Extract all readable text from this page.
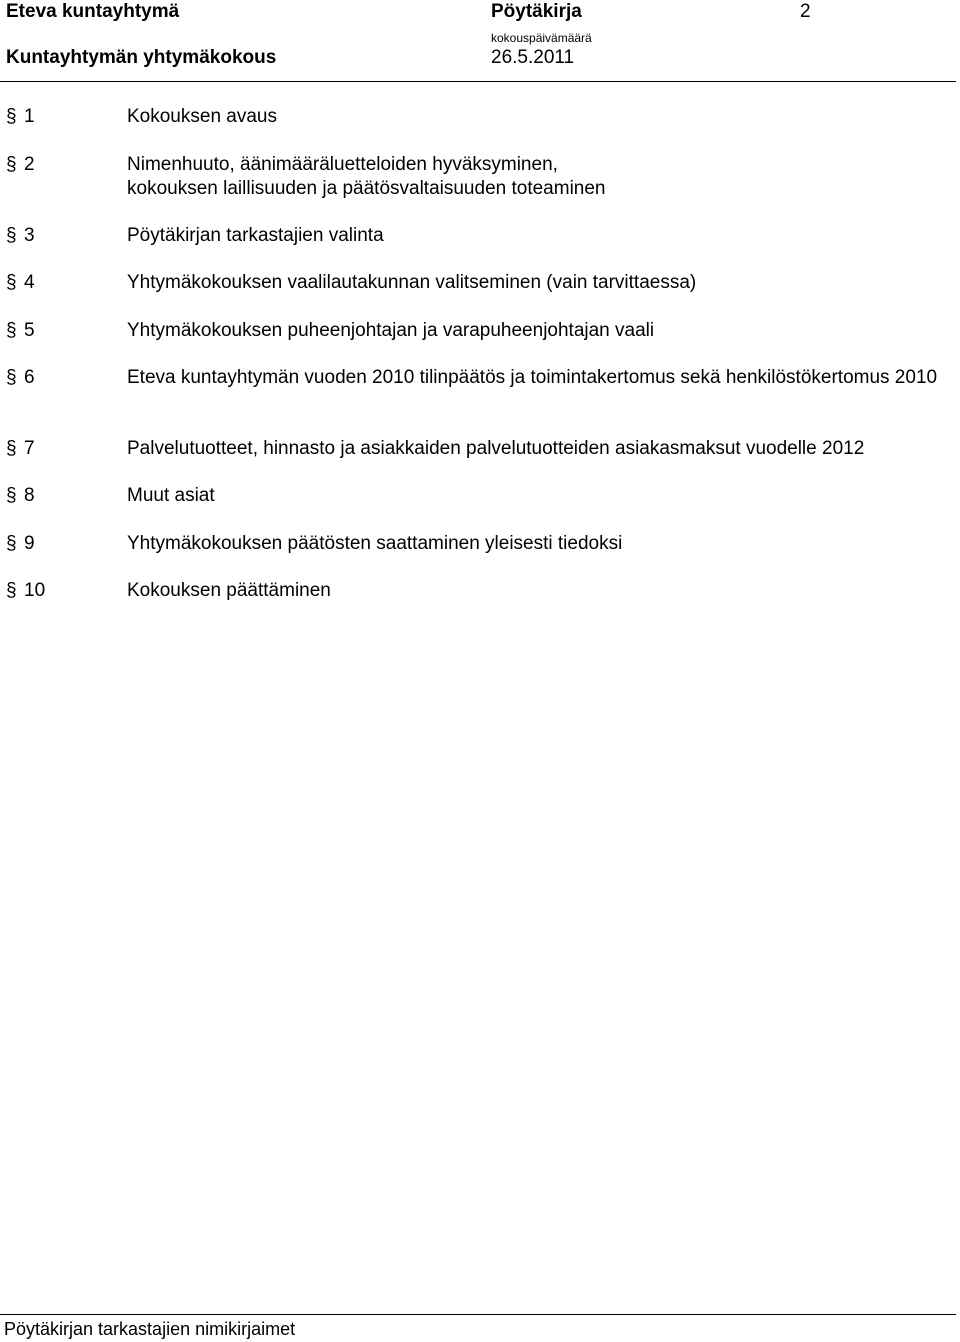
Eteva kuntayhtymä	Pöytäkirja	2
Kuntayhtymän yhtymäkokous
kokouspäivämäärä
26.5.2011
§ 1	Kokouksen avaus
§ 2	Nimenhuuto, äänimääräluetteloiden hyväksyminen, kokouksen laillisuuden ja päätösvaltaisuuden toteaminen
§ 3	Pöytäkirjan tarkastajien valinta
§ 4	Yhtymäkokouksen vaalilautakunnan valitseminen (vain tarvittaessa)
§ 5	Yhtymäkokouksen puheenjohtajan ja varapuheenjohtajan vaali
§ 6	Eteva kuntayhtymän vuoden 2010 tilinpäätös ja toimintakertomus sekä henkilöstökertomus 2010
§ 7	Palvelutuotteet, hinnasto ja asiakkaiden palvelutuotteiden asiakasmaksut vuodelle 2012
§ 8	Muut asiat
§ 9	Yhtymäkokouksen päätösten saattaminen yleisesti tiedoksi
§ 10	Kokouksen päättäminen
Pöytäkirjan tarkastajien nimikirjaimet
